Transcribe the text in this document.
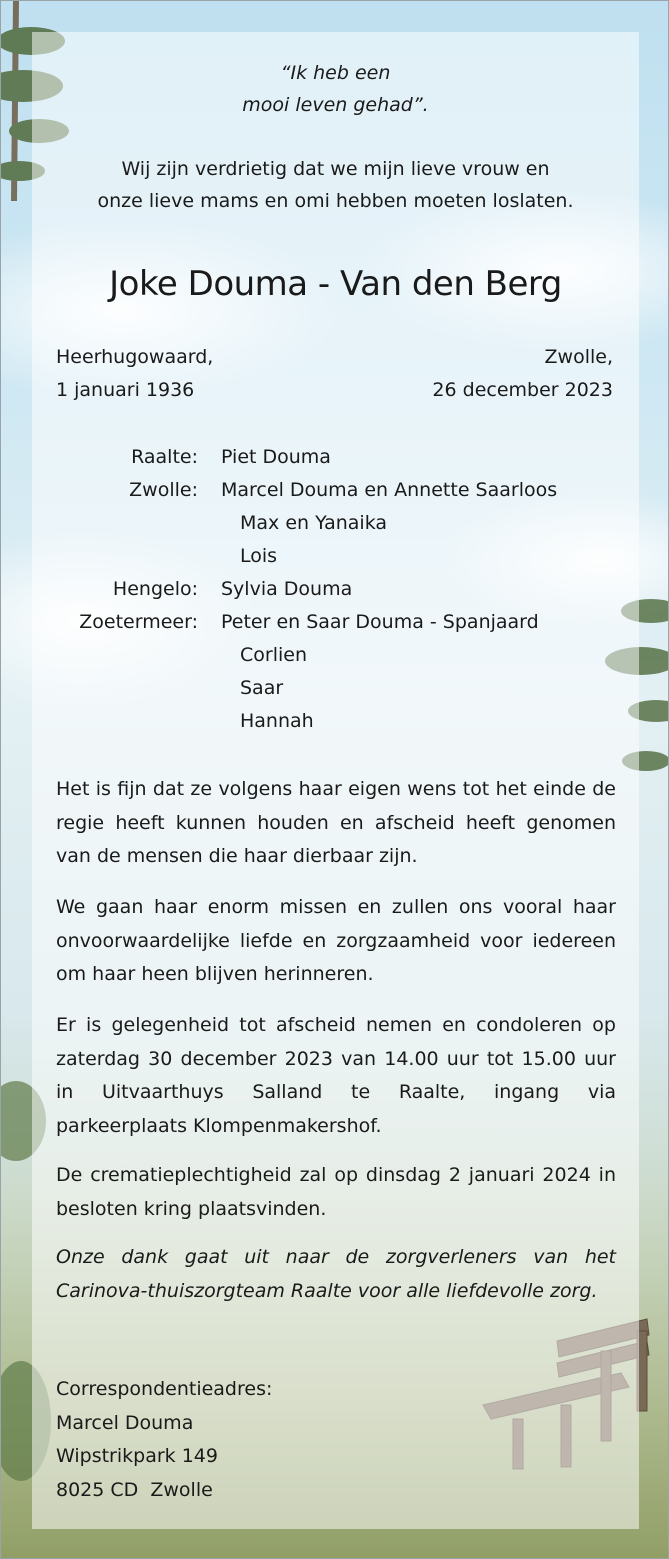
“Ik heb een
mooi leven gehad”.
Wij zijn verdrietig dat we mijn lieve vrouw en
onze lieve mams en omi hebben moeten loslaten.
Joke Douma - Van den Berg
Heerhugowaard,
1 januari 1936
Zwolle,
26 december 2023
Raalte: Piet Douma
Zwolle: Marcel Douma en Annette Saarloos
Max en Yanaika
Lois
Hengelo: Sylvia Douma
Zoetermeer: Peter en Saar Douma - Spanjaard
Corlien
Saar
Hannah

Het is fijn dat ze volgens haar eigen wens tot het einde de regie heeft kunnen houden en afscheid heeft genomen van de mensen die haar dierbaar zijn.

We gaan haar enorm missen en zullen ons vooral haar onvoorwaardelijke liefde en zorgzaamheid voor iedereen om haar heen blijven herinneren.

Er is gelegenheid tot afscheid nemen en condoleren op zaterdag 30 december 2023 van 14.00 uur tot 15.00 uur in Uitvaarthuys Salland te Raalte, ingang via parkeerplaats Klompenmakershof.

De crematieplechtigheid zal op dinsdag 2 januari 2024 in besloten kring plaatsvinden.

Onze dank gaat uit naar de zorgverleners van het Carinova-thuiszorgteam Raalte voor alle liefdevolle zorg.

Correspondentieadres:
Marcel Douma
Wipstrikpark 149
8025 CD  Zwolle
